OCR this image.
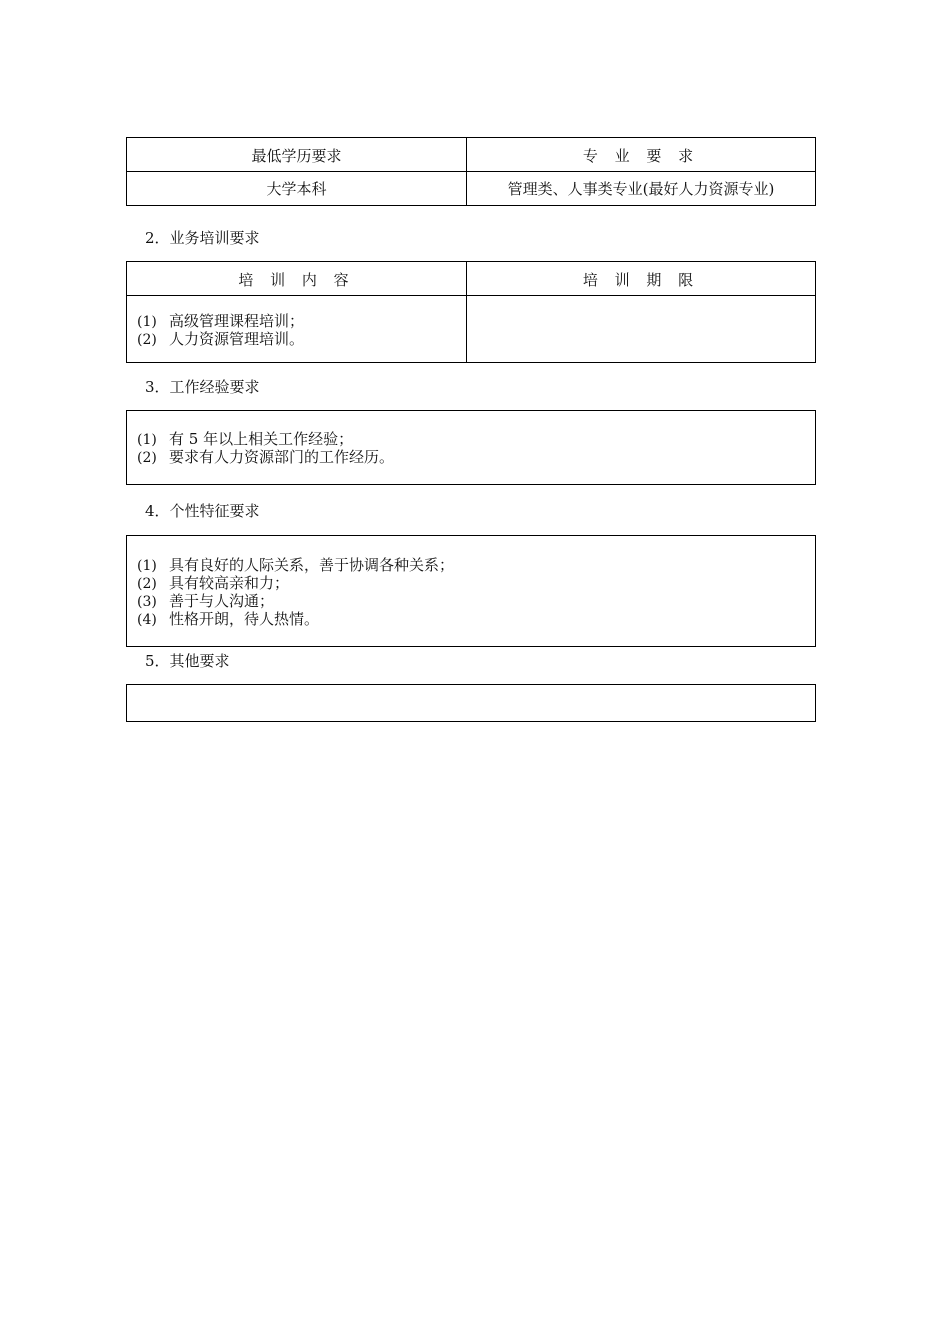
最低学历要求	专 业 要 求
大学本科	管理类、人事类专业(最好人力资源专业)
2．业务培训要求
培 训 内 容	培 训 期 限
(1) 高级管理课程培训；
(2) 人力资源管理培训。
3．工作经验要求
(1) 有 5 年以上相关工作经验；
(2) 要求有人力资源部门的工作经历。
4．个性特征要求
(1) 具有良好的人际关系，善于协调各种关系；
(2) 具有较高亲和力；
(3) 善于与人沟通；
(4) 性格开朗，待人热情。
5．其他要求
